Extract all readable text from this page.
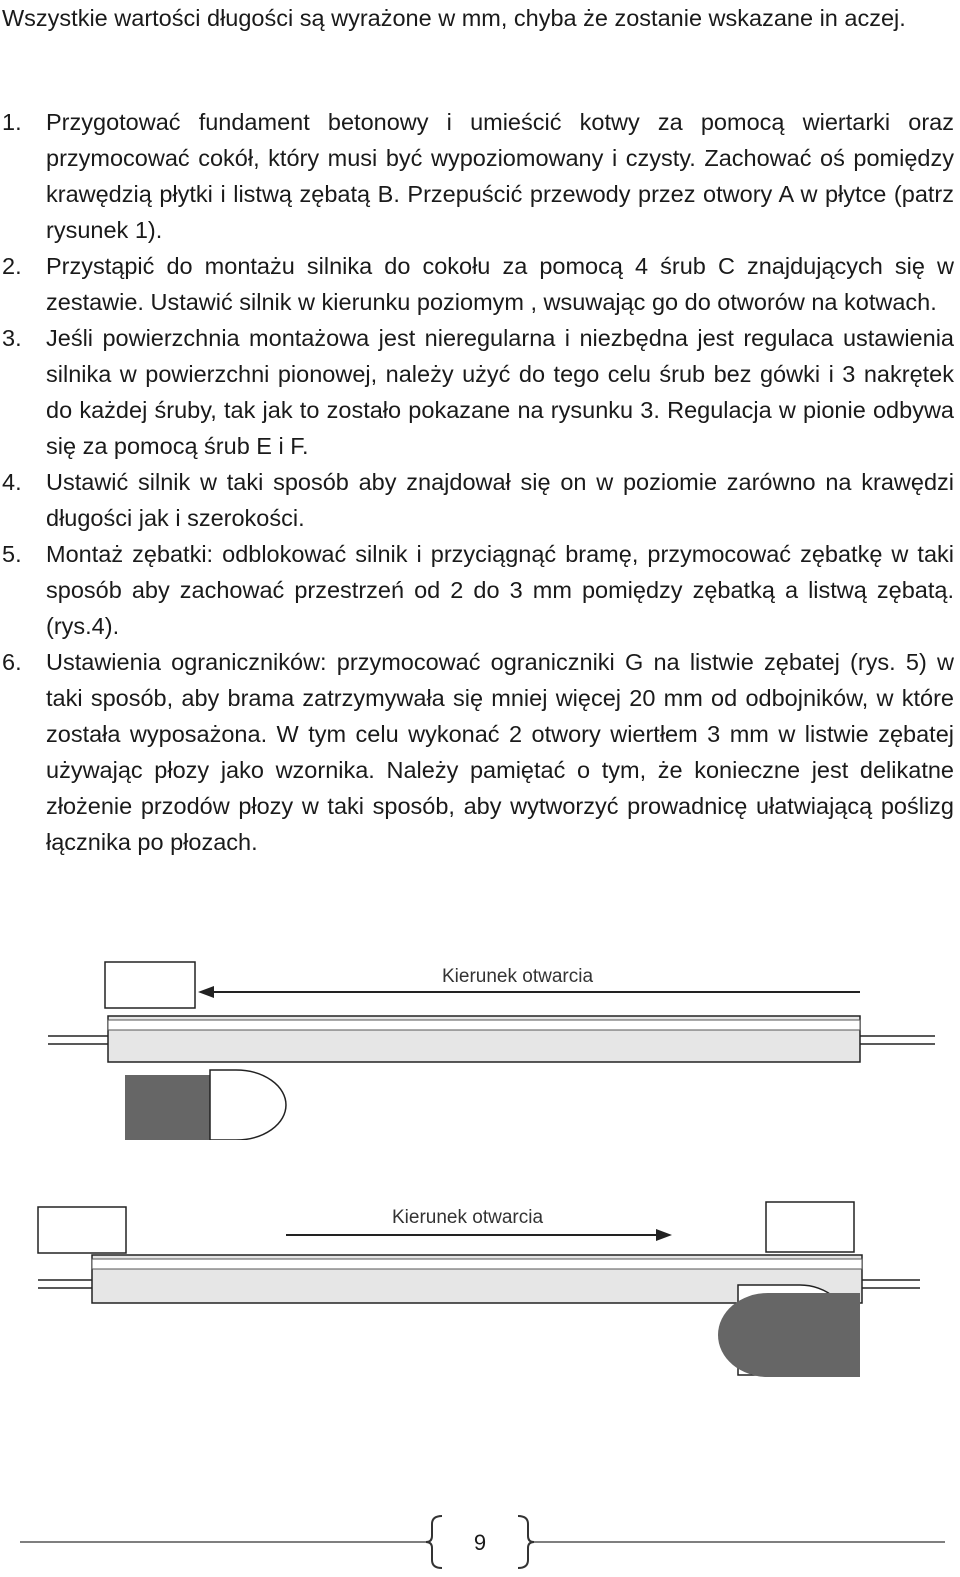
Wszystkie wartości długości są wyrażone w mm, chyba że zostanie wskazane in aczej.
1.	Przygotować fundament betonowy i umieścić kotwy za pomocą wiertarki oraz przymocować cokół, który musi być wypoziomowany i czysty. Zachować oś pomiędzy krawędzią płytki i listwą zębatą B. Przepuścić przewody przez otwory A w płytce (patrz rysunek 1).
2.	Przystąpić do montażu silnika do cokołu za pomocą 4 śrub C znajdujących się w zestawie. Ustawić silnik w kierunku poziomym , wsuwając go do otworów na kotwach.
3.	Jeśli powierzchnia montażowa jest nieregularna i niezbędna jest regulaca ustawienia silnika w powierzchni pionowej, należy użyć do tego celu śrub bez gówki i 3 nakrętek do każdej śruby, tak jak to zostało pokazane na rysunku 3. Regulacja w pionie odbywa się za pomocą śrub E i F.
4.	Ustawić silnik w taki sposób aby znajdował się on w poziomie zarówno na krawędzi długości jak i szerokości.
5.	Montaż zębatki: odblokować silnik i przyciągnąć bramę, przymocować zębatkę w taki sposób aby zachować przestrzeń od 2 do 3 mm pomiędzy zębatką a listwą zębatą. (rys.4).
6.	Ustawienia ograniczników: przymocować ograniczniki G na listwie zębatej (rys. 5) w taki sposób, aby brama zatrzymywała się mniej więcej 20 mm od odbojników, w które została wyposażona. W tym celu wykonać 2 otwory wiertłem 3 mm w listwie zębatej używając płozy jako wzornika. Należy pamiętać o tym, że konieczne jest delikatne złożenie przodów płozy w taki sposób, aby wytworzyć prowadnicę ułatwiającą poślizg łącznika po płozach.
Kierunek otwarcia
Kierunek otwarcia
9
